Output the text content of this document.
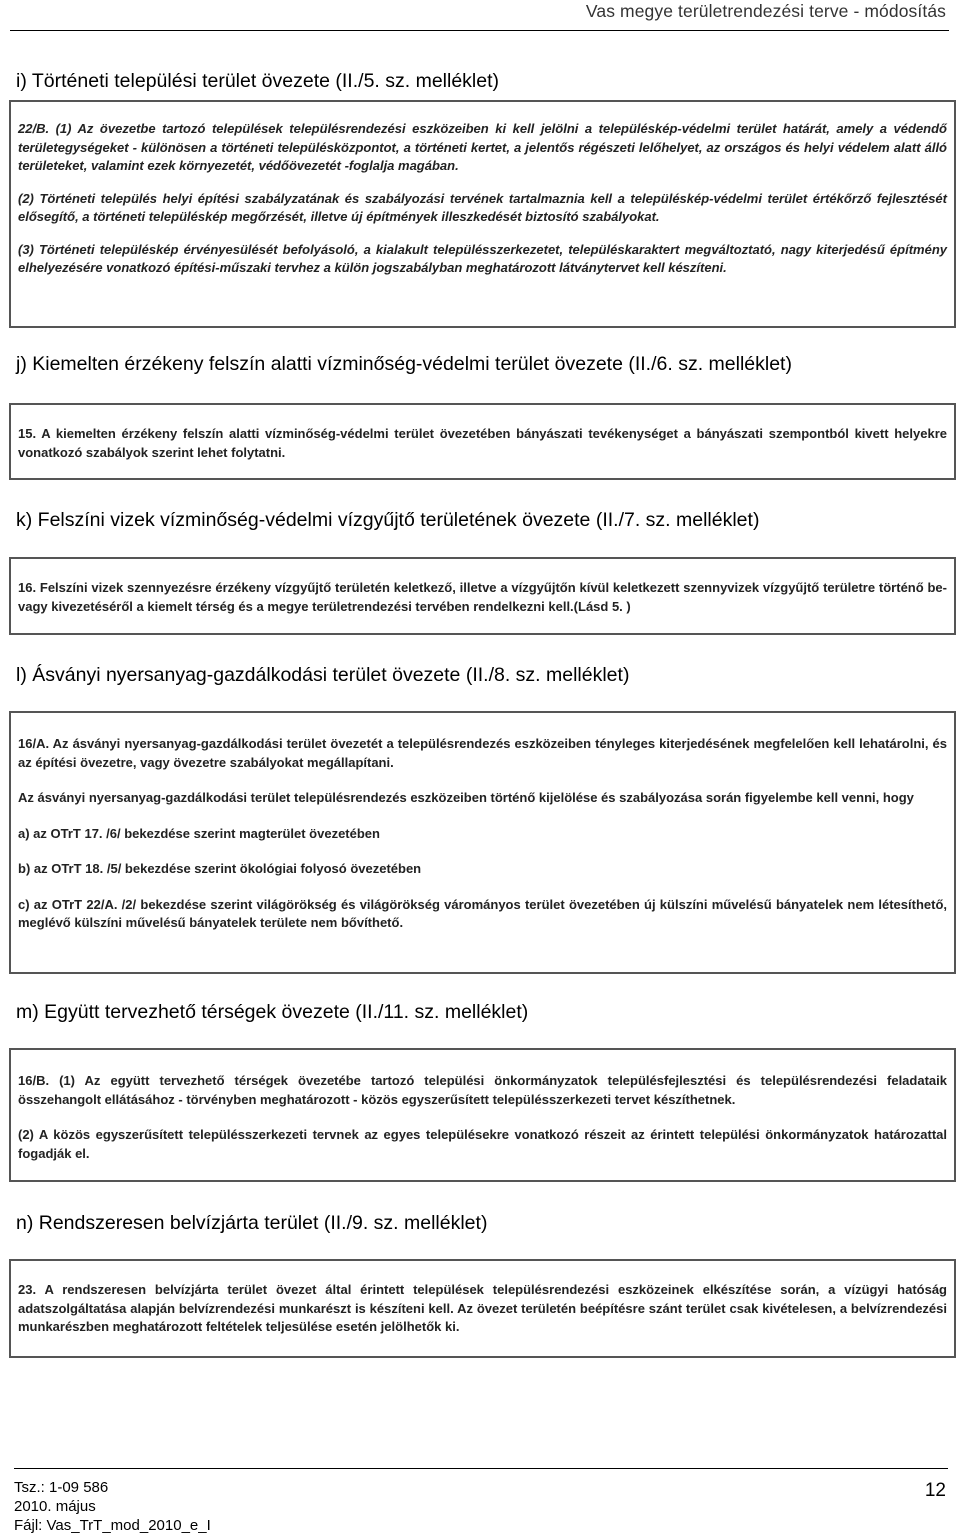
Vas megye területrendezési terve - módosítás
i) Történeti települési terület övezete (II./5. sz. melléklet)

22/B. (1) Az övezetbe tartozó települések településrendezési eszközeiben ki kell jelölni a településkép-védelmi terület határát, amely a védendő területegységeket - különösen a történeti településközpontot, a történeti kertet, a jelentős régészeti lelőhelyet, az országos és helyi védelem alatt álló területeket, valamint ezek környezetét, védőövezetét -foglalja magában.

(2) Történeti település helyi építési szabályzatának és szabályozási tervének tartalmaznia kell a településkép-védelmi terület értékőrző fejlesztését elősegítő, a történeti településkép megőrzését, illetve új építmények illeszkedését biztosító szabályokat.

(3) Történeti településkép érvényesülését befolyásoló, a kialakult településszerkezetet, településkaraktert megváltoztató, nagy kiterjedésű építmény elhelyezésére vonatkozó építési-műszaki tervhez a külön jogszabályban meghatározott látványtervet kell készíteni.

j) Kiemelten érzékeny felszín alatti vízminőség-védelmi terület övezete (II./6. sz. melléklet)

15. A kiemelten érzékeny felszín alatti vízminőség-védelmi terület övezetében bányászati tevékenységet a bányászati szempontból kivett helyekre vonatkozó szabályok szerint lehet folytatni.

k) Felszíni vizek vízminőség-védelmi vízgyűjtő területének övezete (II./7. sz. melléklet)

16. Felszíni vizek szennyezésre érzékeny vízgyűjtő területén keletkező, illetve a vízgyűjtőn kívül keletkezett szennyvizek vízgyűjtő területre történő be- vagy kivezetéséről a kiemelt térség és a megye területrendezési tervében rendelkezni kell.(Lásd 5. )

l) Ásványi nyersanyag-gazdálkodási terület övezete (II./8. sz. melléklet)

16/A. Az ásványi nyersanyag-gazdálkodási terület övezetét a településrendezés eszközeiben tényleges kiterjedésének megfelelően kell lehatárolni, és az építési övezetre, vagy övezetre szabályokat megállapítani.

Az ásványi nyersanyag-gazdálkodási terület településrendezés eszközeiben történő kijelölése és szabályozása során figyelembe kell venni, hogy

a) az OTrT 17. /6/ bekezdése szerint magterület övezetében

b) az OTrT 18. /5/ bekezdése szerint ökológiai folyosó övezetében

c) az OTrT 22/A. /2/ bekezdése szerint világörökség és világörökség várományos terület övezetében új külszíni művelésű bányatelek nem létesíthető, meglévő külszíni művelésű bányatelek területe nem bővíthető.

m) Együtt tervezhető térségek övezete (II./11. sz. melléklet)

16/B. (1) Az együtt tervezhető térségek övezetébe tartozó települési önkormányzatok településfejlesztési és településrendezési feladataik összehangolt ellátásához - törvényben meghatározott - közös egyszerűsített településszerkezeti tervet készíthetnek.

(2) A közös egyszerűsített településszerkezeti tervnek az egyes településekre vonatkozó részeit az érintett települési önkormányzatok határozattal fogadják el.

n) Rendszeresen belvízjárta terület (II./9. sz. melléklet)

23. A rendszeresen belvízjárta terület övezet által érintett települések településrendezési eszközeinek elkészítése során, a vízügyi hatóság adatszolgáltatása alapján belvízrendezési munkarészt is készíteni kell. Az övezet területén beépítésre szánt terület csak kivételesen, a belvízrendezési munkarészben meghatározott feltételek teljesülése esetén jelölhetők ki.

Tsz.: 1-09 586
2010. május
Fájl: Vas_TrT_mod_2010_e_I
12
